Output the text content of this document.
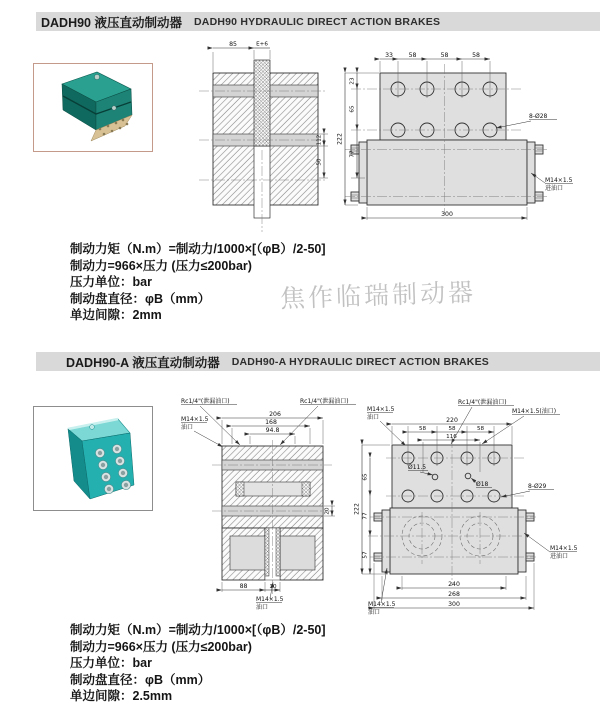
DADH90 液压直动制动器 DADH90 HYDRAULIC DIRECT ACTION BRAKES
85	E+6
112
50
33	58	58	58
222
23
65
77
300
8-Ø28
M14×1.5
进油口
制动力矩（N.m）=制动力/1000×[（φB）/2-50]
制动力=966×压力 (压力≤200bar)
压力单位：bar
制动盘直径：φB（mm）
单边间隙：2mm
焦作临瑞制动器
DADH90-A 液压直动制动器 DADH90-A HYDRAULIC DIRECT ACTION BRAKES
Rc1/4"(泄漏油口)	Rc1/4"(泄漏油口)
M14×1.5
油口
206
168
94.8
20
88	30
M14×1.5
油口
M14×1.5
油口
Rc1/4"(泄漏油口)
M14×1.5(油口)
220
58	58	58
116
222
65
77
57
240
268
300
Ø11.5
Ø18	8-Ø29
M14×1.5
进油口
M14×1.5
油口
制动力矩（N.m）=制动力/1000×[（φB）/2-50]
制动力=966×压力 (压力≤200bar)
压力单位：bar
制动盘直径：φB（mm）
单边间隙：2.5mm
